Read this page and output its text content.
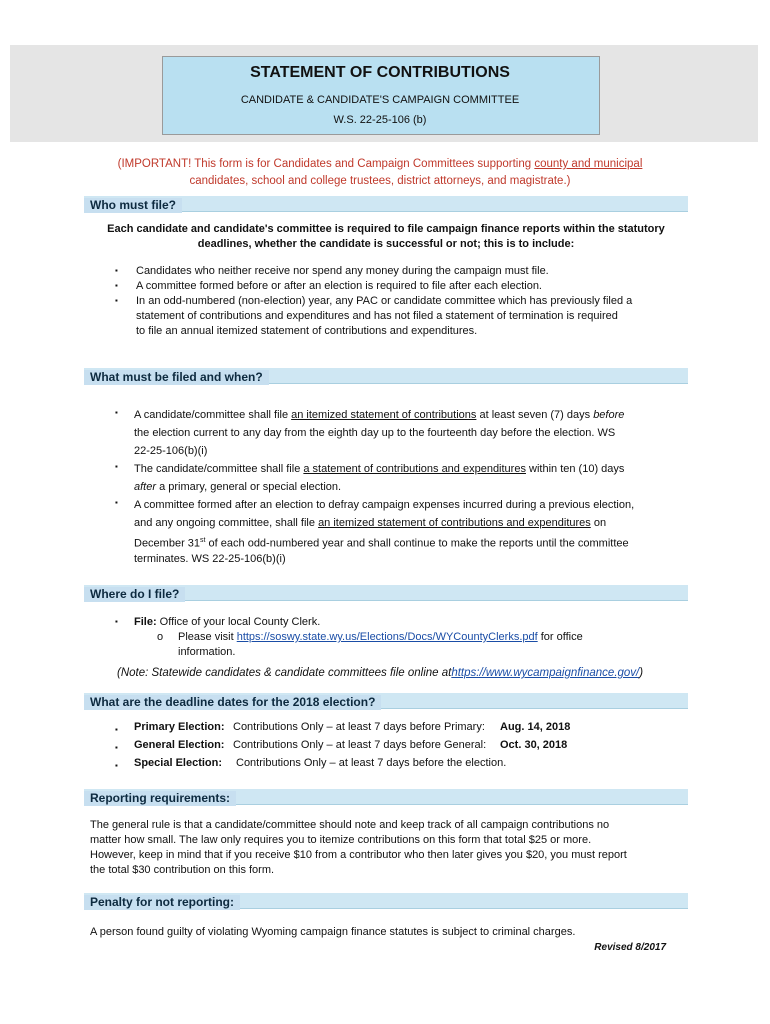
STATEMENT OF CONTRIBUTIONS
CANDIDATE & CANDIDATE'S CAMPAIGN COMMITTEE
W.S. 22-25-106 (b)
(IMPORTANT! This form is for Candidates and Campaign Committees supporting county and municipal
candidates, school and college trustees, district attorneys, and magistrate.)
Who must file?
Each candidate and candidate's committee is required to file campaign finance reports within the statutory
deadlines, whether the candidate is successful or not; this is to include:
▪ Candidates who neither receive nor spend any money during the campaign must file.
▪ A committee formed before or after an election is required to file after each election.
▪ In an odd-numbered (non-election) year, any PAC or candidate committee which has previously filed a
statement of contributions and expenditures and has not filed a statement of termination is required
to file an annual itemized statement of contributions and expenditures.
What must be filed and when?
▪ A candidate/committee shall file an itemized statement of contributions at least seven (7) days before
the election current to any day from the eighth day up to the fourteenth day before the election. WS
22-25-106(b)(i)
▪ The candidate/committee shall file a statement of contributions and expenditures within ten (10) days
after a primary, general or special election.
▪ A committee formed after an election to defray campaign expenses incurred during a previous election,
and any ongoing committee, shall file an itemized statement of contributions and expenditures on
December 31st of each odd-numbered year and shall continue to make the reports until the committee
terminates. WS 22-25-106(b)(i)
Where do I file?
▪ File: Office of your local County Clerk.
o Please visit https://soswy.state.wy.us/Elections/Docs/WYCountyClerks.pdf for office
information.
(Note: Statewide candidates & candidate committees file online athttps://www.wycampaignfinance.gov/)
What are the deadline dates for the 2018 election?
▪ Primary Election: Contributions Only – at least 7 days before Primary: Aug. 14, 2018
▪ General Election: Contributions Only – at least 7 days before General: Oct. 30, 2018
▪ Special Election: Contributions Only – at least 7 days before the election.
Reporting requirements:
The general rule is that a candidate/committee should note and keep track of all campaign contributions no
matter how small. The law only requires you to itemize contributions on this form that total $25 or more.
However, keep in mind that if you receive $10 from a contributor who then later gives you $20, you must report
the total $30 contribution on this form.
Penalty for not reporting:
A person found guilty of violating Wyoming campaign finance statutes is subject to criminal charges.
Revised 8/2017
